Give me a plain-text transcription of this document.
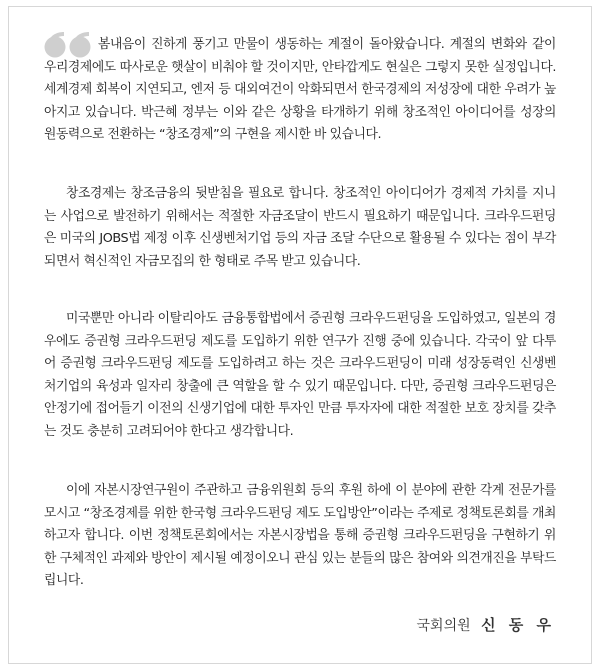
봄내음이 진하게 풍기고 만물이 생동하는 계절이 돌아왔습니다. 계절의 변화와 같이 우리경제에도 따사로운 햇살이 비춰야 할 것이지만, 안타깝게도 현실은 그렇지 못한 실정입니다. 세계경제 회복이 지연되고, 엔저 등 대외여건이 악화되면서 한국경제의 저성장에 대한 우려가 높아지고 있습니다. 박근혜 정부는 이와 같은 상황을 타개하기 위해 창조적인 아이디어를 성장의 원동력으로 전환하는 “창조경제”의 구현을 제시한 바 있습니다.

창조경제는 창조금융의 뒷받침을 필요로 합니다. 창조적인 아이디어가 경제적 가치를 지니는 사업으로 발전하기 위해서는 적절한 자금조달이 반드시 필요하기 때문입니다. 크라우드펀딩은 미국의 JOBS법 제정 이후 신생벤처기업 등의 자금 조달 수단으로 활용될 수 있다는 점이 부각되면서 혁신적인 자금모집의 한 형태로 주목 받고 있습니다.

미국뿐만 아니라 이탈리아도 금융통합법에서 증권형 크라우드펀딩을 도입하였고, 일본의 경우에도 증권형 크라우드펀딩 제도를 도입하기 위한 연구가 진행 중에 있습니다. 각국이 앞 다투어 증권형 크라우드펀딩 제도를 도입하려고 하는 것은 크라우드펀딩이 미래 성장동력인 신생벤처기업의 육성과 일자리 창출에 큰 역할을 할 수 있기 때문입니다. 다만, 증권형 크라우드펀딩은 안정기에 접어들기 이전의 신생기업에 대한 투자인 만큼 투자자에 대한 적절한 보호 장치를 갖추는 것도 충분히 고려되어야 한다고 생각합니다.

이에 자본시장연구원이 주관하고 금융위원회 등의 후원 하에 이 분야에 관한 각계 전문가를 모시고 “창조경제를 위한 한국형 크라우드펀딩 제도 도입방안”이라는 주제로 정책토론회를 개최하고자 합니다. 이번 정책토론회에서는 자본시장법을 통해 증권형 크라우드펀딩을 구현하기 위한 구체적인 과제와 방안이 제시될 예정이오니 관심 있는 분들의 많은 참여와 의견개진을 부탁드립니다.

국회의원 신 동 우
